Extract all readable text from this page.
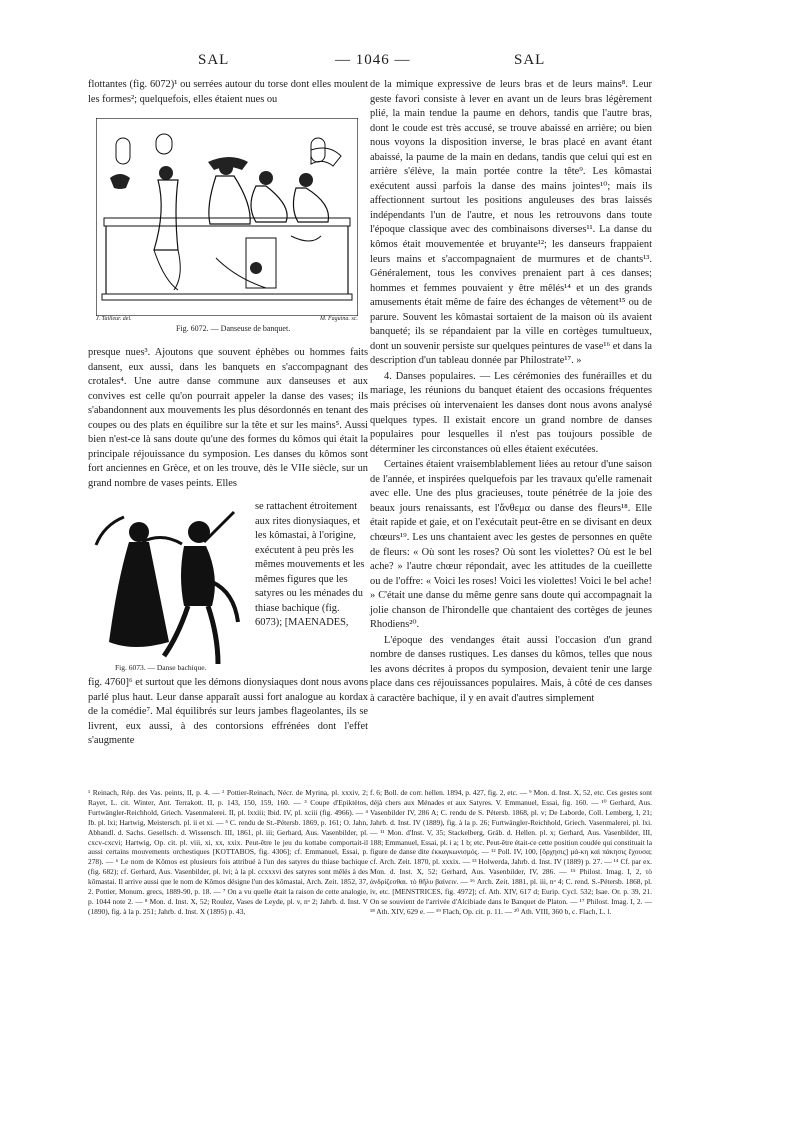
SAL	— 1046 —	SAL

flottantes (fig. 6072)¹ ou serrées autour du torse dont elles moulent les formes²; quelquefois, elles étaient nues ou

J. Tailleur. del.	M. Faguina. sc.
Fig. 6072. — Danseuse de banquet.

presque nues³. Ajoutons que souvent éphèbes ou hommes faits dansent, eux aussi, dans les banquets en s'accompagnant des crotales⁴. Une autre danse commune aux danseuses et aux convives est celle qu'on pourrait appeler la danse des vases; ils s'abandonnent aux mouvements les plus désordonnés en tenant des coupes ou des plats en équilibre sur la tête et sur les mains⁵. Aussi bien n'est-ce là sans doute qu'une des formes du kômos qui était la principale réjouissance du symposion. Les danses du kômos sont fort anciennes en Grèce, et on les trouve, dès le VIIe siècle, sur un grand nombre de vases peints. Elles

Fig. 6073. — Danse bachique.

se rattachent étroitement aux rites dionysiaques, et les kômastai, à l'origine, exécutent à peu près les mêmes mouvements et les mêmes figures que les satyres ou les ménades du thiase bachique (fig. 6073); [MAENADES,

fig. 4760]⁶ et surtout que les démons dionysiaques dont nous avons parlé plus haut. Leur danse apparaît aussi fort analogue au kordax de la comédie⁷. Mal équilibrés sur leurs jambes flageolantes, ils se livrent, eux aussi, à des contorsions effrénées dont l'effet s'augmente

de la mimique expressive de leurs bras et de leurs mains⁸. Leur geste favori consiste à lever en avant un de leurs bras légèrement plié, la main tendue la paume en dehors, tandis que l'autre bras, dont le coude est très accusé, se trouve abaissé en arrière; ou bien nous voyons la disposition inverse, le bras placé en avant étant abaissé, la paume de la main en dedans, tandis que celui qui est en arrière s'élève, la main portée contre la tête⁹. Les kômastai exécutent aussi parfois la danse des mains jointes¹⁰; mais ils affectionnent surtout les positions anguleuses des bras laissés indépendants l'un de l'autre, et nous les retrouvons dans toute l'époque classique avec des combinaisons diverses¹¹. La danse du kômos était mouvementée et bruyante¹²; les danseurs frappaient leurs mains et s'accompagnaient de murmures et de chants¹³. Généralement, tous les convives prenaient part à ces danses; hommes et femmes pouvaient y être mêlés¹⁴ et un des grands amusements était même de faire des échanges de vêtement¹⁵ ou de parure. Souvent les kômastai sortaient de la maison où ils avaient banqueté; ils se répandaient par la ville en cortèges tumultueux, dont un souvenir persiste sur quelques peintures de vase¹⁶ et dans la description d'un tableau donnée par Philostrate¹⁷. »

4. Danses populaires. — Les cérémonies des funérailles et du mariage, les réunions du banquet étaient des occasions fréquentes mais précises où intervenaient les danses dont nous avons analysé quelques types. Il existait encore un grand nombre de danses populaires pour lesquelles il n'est pas toujours possible de déterminer les circonstances où elles étaient exécutées.

Certaines étaient vraisemblablement liées au retour d'une saison de l'année, et inspirées quelquefois par les travaux qu'elle ramenait avec elle. Une des plus gracieuses, toute pénétrée de la joie des beaux jours renaissants, est l'ἄνθεμα ou danse des fleurs¹⁸. Elle était rapide et gaie, et on l'exécutait peut-être en se divisant en deux chœurs¹⁹. Les uns chantaient avec les gestes de personnes en quête de fleurs: « Où sont les roses? Où sont les violettes? Où est le bel ache? » l'autre chœur répondait, avec les attitudes de la cueillette ou de l'offre: « Voici les roses! Voici les violettes! Voici le bel ache! » C'était une danse du même genre sans doute qui accompagnait la jolie chanson de l'hirondelle que chantaient des cortèges de jeunes Rhodiens²⁰.

L'époque des vendanges était aussi l'occasion d'un grand nombre de danses rustiques. Les danses du kômos, telles que nous les avons décrites à propos du symposion, devaient tenir une large place dans ces réjouissances populaires. Mais, à côté de ces danses à caractère bachique, il y en avait d'autres simplement

¹ Reinach, Rép. des Vas. peints, II, p. 4. — ² Pottier-Reinach, Nécr. de Myrina, pl. xxxiv, 2; Rayet, L. cit. Winter, Ant. Terrakott. II, p. 143, 150, 159, 160. — ³ Coupe d'Epiktètos, Furtwängler-Reichhold, Griech. Vasenmalerei. II, pl. lxxiii; Ibid. IV, pl. xciii (fig. 4966). — ⁴ Ib. pl. lxi; Hartwig, Meistersch. pl. ii et xi. — ⁵ C. rendu de St.-Pétersb. 1869, p. 161; O. Jahn, Abhandl. d. Sachs. Gesellsch. d. Wissensch. III, 1861, pl. iii; Gerhard, Aus. Vasenbilder, pl. cxcv-cxcvi; Hartwig, Op. cit. pl. viii, xi, xx, xxix. Peut-être le jeu du kottabe comportait-il aussi certains mouvements orchestiques [KOTTABOS, fig. 4306]; cf. Emmanuel, Essai, p. 278). — ⁶ Le nom de Kômos est plusieurs fois attribué à l'un des satyres du thiase bachique (fig. 682); cf. Gerhard, Aus. Vasenbilder, pl. lvi; à la pl. ccxxxvi des satyres sont mêlés à des kômastai. Il arrive aussi que le nom de Kômos désigne l'un des kômastai, Arch. Zeit. 1852, 37, 2. Pottier, Monum. grecs, 1889-90, p. 18. — ⁷ On a vu quelle était la raison de cette analogie, p. 1044 note 2. — ⁸ Mon. d. Inst. X, 52; Roulez, Vases de Leyde, pl. v, nᵒ 2; Jahrb. d. Inst. V (1890), fig. à la p. 251; Jahrb. d. Inst. X (1895) p. 43,
f. 6; Boll. de corr. hellen. 1894, p. 427, fig. 2, etc. — ⁹ Mon. d. Inst. X, 52, etc. Ces gestes sont déjà chers aux Ménades et aux Satyres. V. Emmanuel, Essai, fig. 160. — ¹⁰ Gerhard, Aus. Vasenbilder IV, 286 A; C. rendu de S. Pétersb. 1868, pl. v; De Laborde, Coll. Lemberg, I, 21; Jahrb. d. Inst. IV (1889), fig. à la p. 26; Furtwängler-Reichhold, Griech. Vasenmalerei, pl. lxi. — ¹¹ Mon. d'Inst. V, 35; Stackelberg, Gräb. d. Hellen. pl. x; Gerhard, Aus. Vasenbilder, III, 188; Emmanuel, Essai, pl. i a; 1 b; etc. Peut-être était-ce cette position coudée qui constituait la figure de danse dite ἐκκαγκωνισμός. — ¹² Poll. IV, 100, [ὄρχησις] μά-κη καὶ πάκησις ἔχουσα; cf. Arch. Zeit. 1870, pl. xxxix. — ¹³ Holwerda, Jahrb. d. Inst. IV (1889) p. 27. — ¹⁴ Cf. par ex. Mon. d. Inst. X, 52; Gerhard, Aus. Vasenbilder, IV, 286. — ¹⁵ Philost. Imag. I, 2, τὸ ἀνδρίζεσθαι. τὸ θῆλυ βαίνειν. — ¹⁶ Arch. Zeit. 1881, pl. iii, nᵒ 4; C. rend. S.-Pétersb. 1868, pl. iv, etc. [MENSTRICES, fig. 4972]; cf. Ath. XIV, 617 d; Eurip. Cycl. 532; Isae. Or. p. 39, 21. On se souvient de l'arrivée d'Alcibiade dans le Banquet de Platon. — ¹⁷ Philost. Imag. I, 2. — ¹⁸ Ath. XIV, 629 e. — ¹⁹ Flach, Op. cit. p. 11. — ²⁰ Ath. VIII, 360 b, c. Flach, L. l.
